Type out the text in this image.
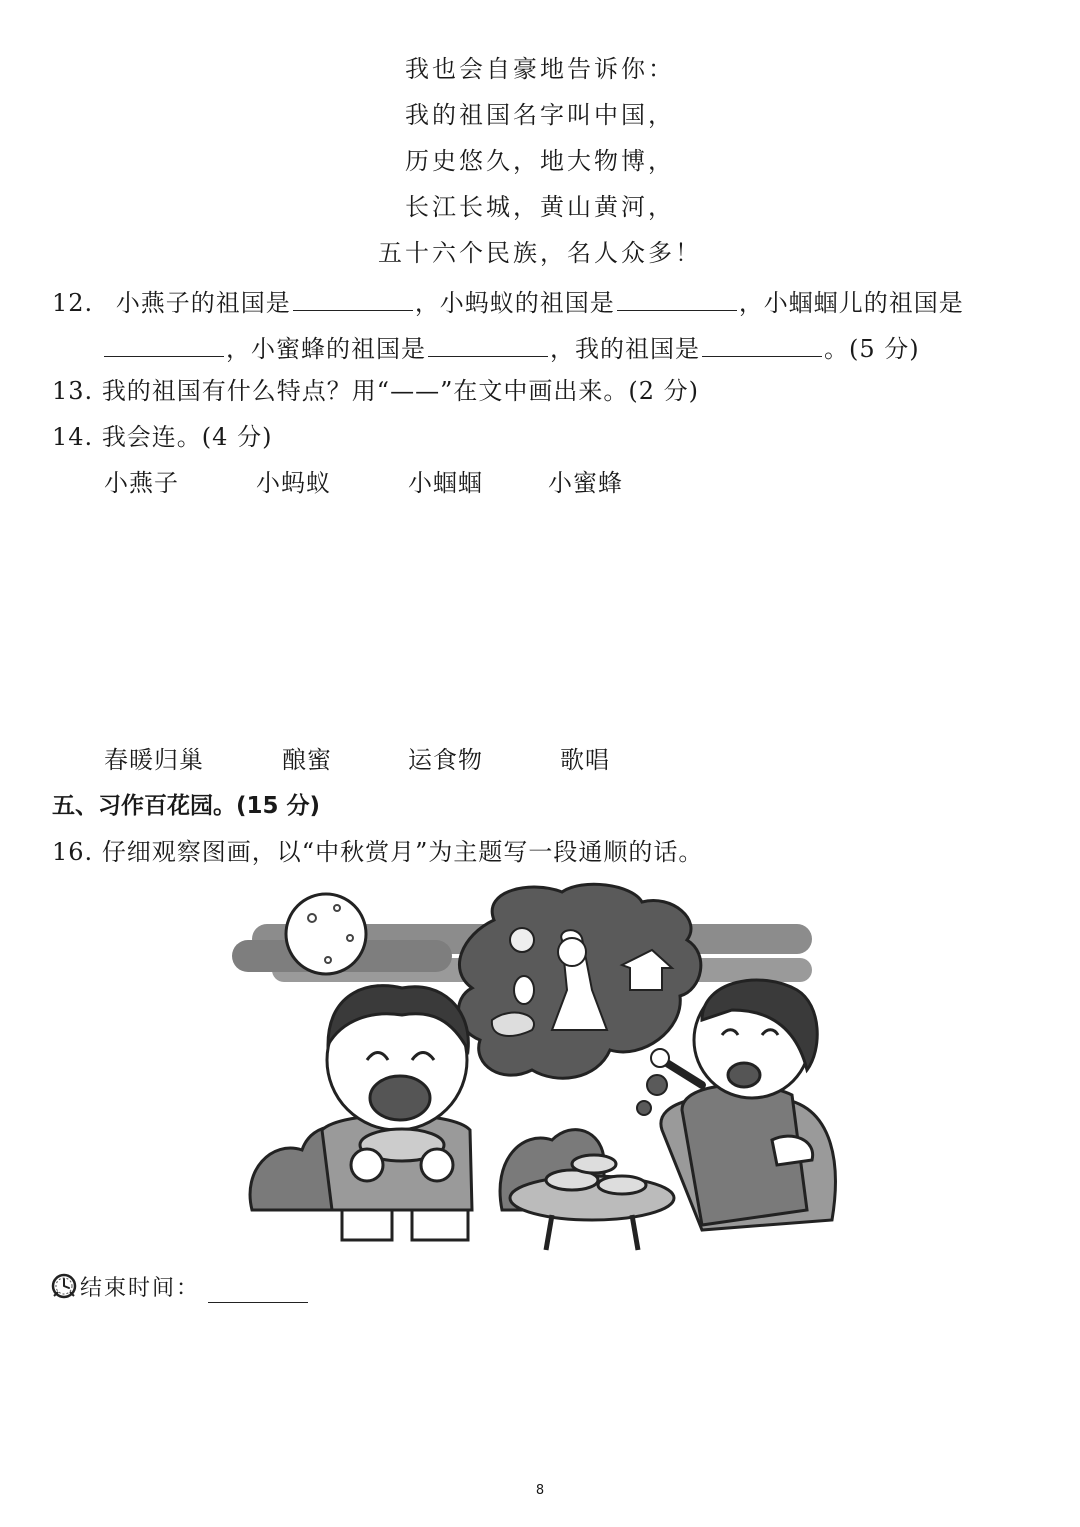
我也会自豪地告诉你：
我的祖国名字叫中国，
历史悠久，地大物博，
长江长城，黄山黄河，
五十六个民族，名人众多！
12. 小燕子的祖国是	，小蚂蚁的祖国是	，小蝈蝈儿的祖国是
，小蜜蜂的祖国是	，我的祖国是	。(5 分)
13. 我的祖国有什么特点？用“——”在文中画出来。(2 分)
14. 我会连。(4 分)
小燕子	小蚂蚁	小蝈蝈	小蜜蜂
春暖归巢	酿蜜	运食物	歌唱
五、习作百花园。(15 分)
16. 仔细观察图画，以“中秋赏月”为主题写一段通顺的话。
结束时间：
8
